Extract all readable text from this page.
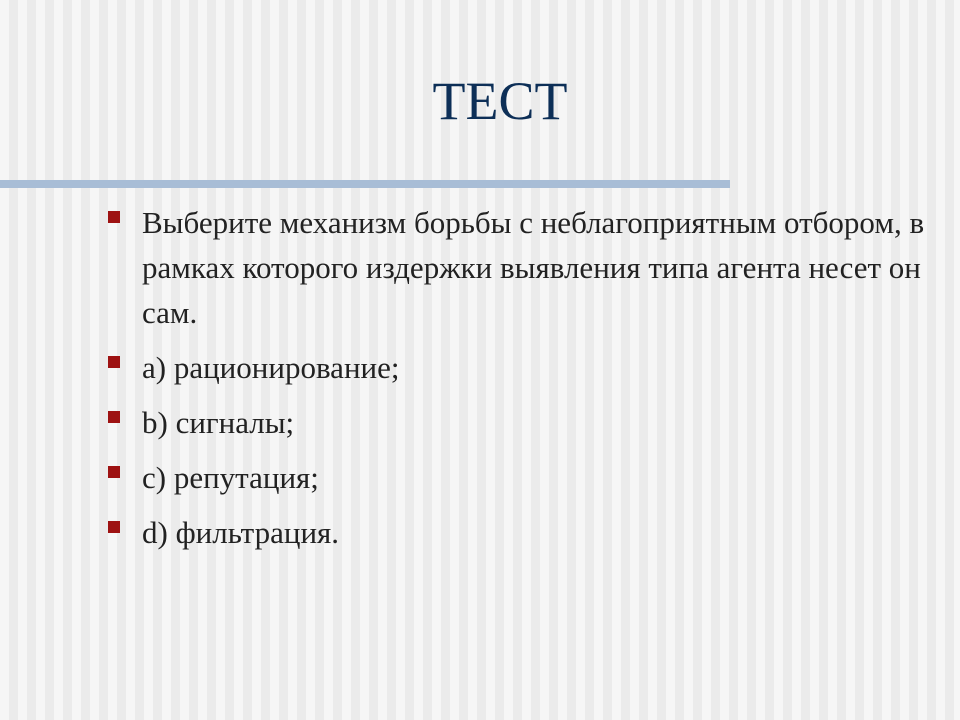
ТЕСТ
Выберите механизм борьбы с неблагоприятным отбором, в рамках которого издержки выявления типа агента несет он сам.
a) рационирование;
b) сигналы;
c) репутация;
d) фильтрация.
